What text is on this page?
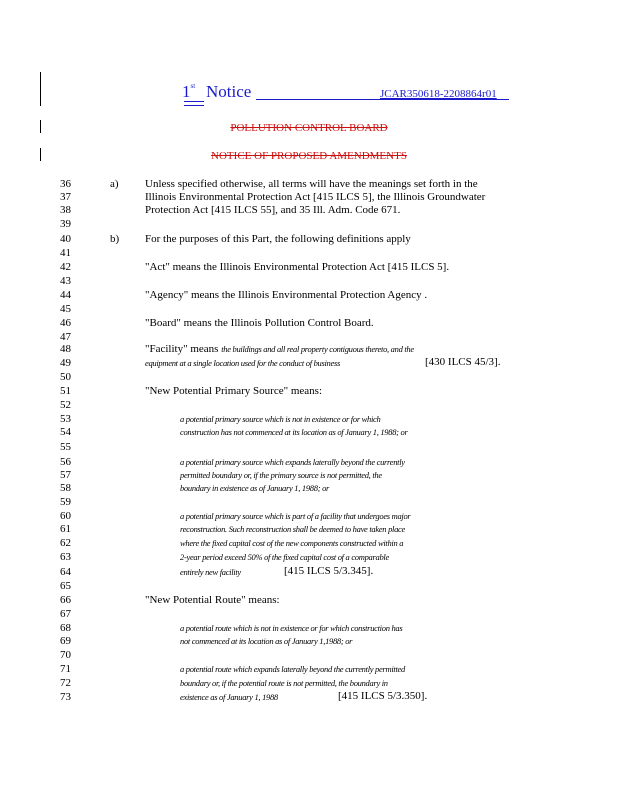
1st Notice	JCAR350618-2208864r01
POLLUTION CONTROL BOARD
NOTICE OF PROPOSED AMENDMENTS
36
37
38
39
40
41
42
43
44
45
46
47
48
49
50
51
52
53
54
55
56
57
58
59
60
61
62
63
64
65
66
67
68
69
70
71
72
73
a) Unless specified otherwise, all terms will have the meanings set forth in the
Illinois Environmental Protection Act [415 ILCS 5], the Illinois Groundwater
Protection Act [415 ILCS 55], and 35 Ill. Adm. Code 671.
b) For the purposes of this Part, the following definitions apply
"Act" means the Illinois Environmental Protection Act [415 ILCS 5].
"Agency" means the Illinois Environmental Protection Agency .
"Board" means the Illinois Pollution Control Board.
"Facility" means the buildings and all real property contiguous thereto, and the
equipment at a single location used for the conduct of business	[430 ILCS 45/3].
"New Potential Primary Source" means:
a potential primary source which is not in existence or for which
construction has not commenced at its location as of January 1, 1988; or
a potential primary source which expands laterally beyond the currently
permitted boundary or, if the primary source is not permitted, the
boundary in existence as of January 1, 1988; or
a potential primary source which is part of a facility that undergoes major
reconstruction. Such reconstruction shall be deemed to have taken place
where the fixed capital cost of the new components constructed within a
2-year period exceed 50% of the fixed capital cost of a comparable
entirely new facility	[415 ILCS 5/3.345].
"New Potential Route" means:
a potential route which is not in existence or for which construction has
not commenced at its location as of January 1,1988; or
a potential route which expands laterally beyond the currently permitted
boundary or, if the potential route is not permitted, the boundary in
existence as of January 1, 1988	[415 ILCS 5/3.350].
